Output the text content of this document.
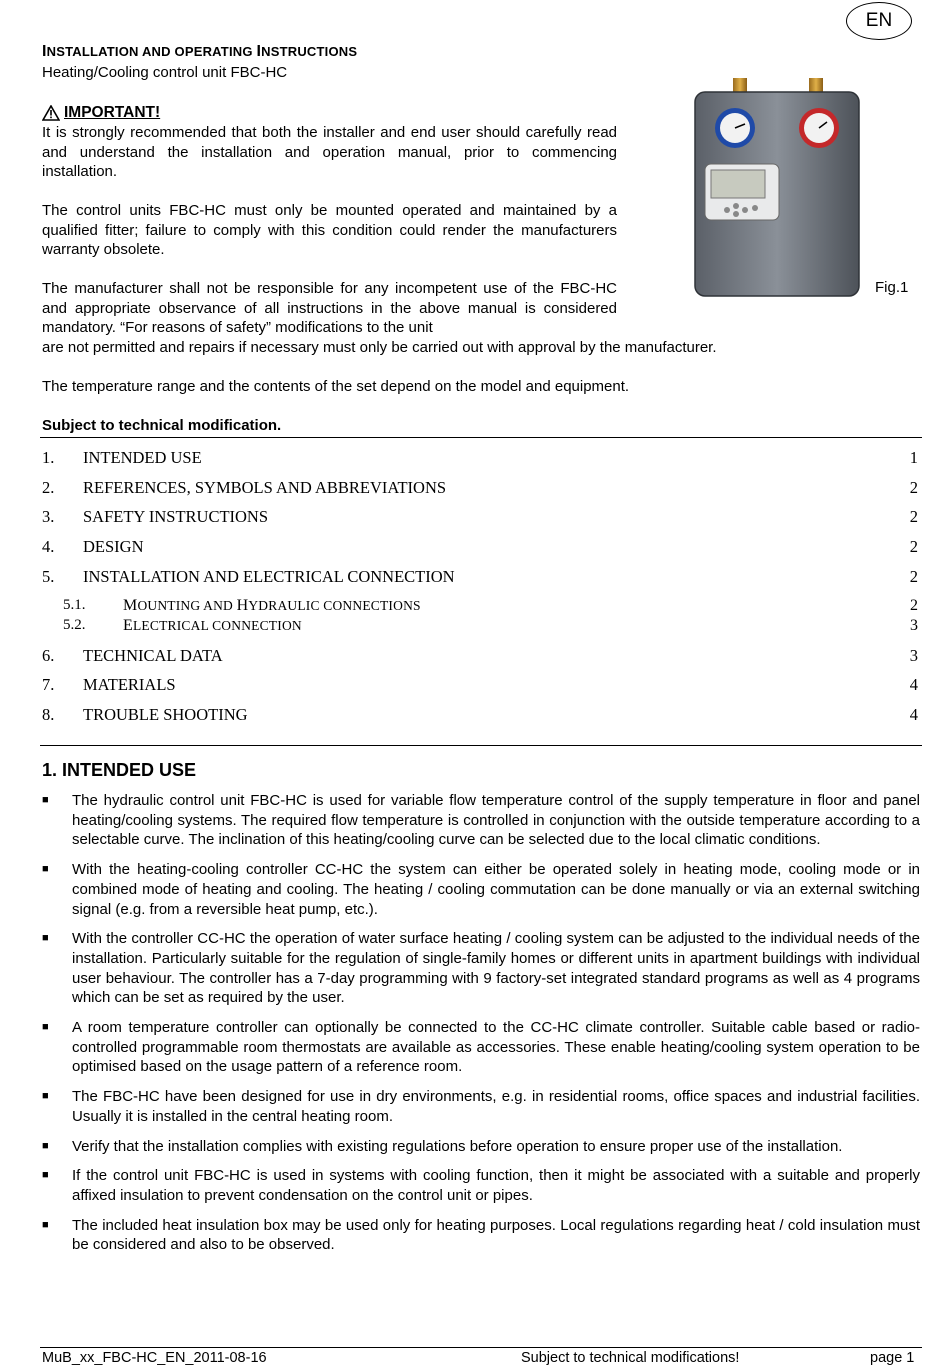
EN
INSTALLATION AND OPERATING INSTRUCTIONS
Heating/Cooling control unit FBC-HC
IMPORTANT!
It is strongly recommended that both the installer and end user should carefully read and understand the installation and operation manual, prior to commencing installation.
The control units FBC-HC must only be mounted operated and maintained by a qualified fitter; failure to comply with this condition could render the manufacturers warranty obsolete.
The manufacturer shall not be responsible for any incompetent use of the FBC-HC and appropriate observance of all instructions in the above manual is considered mandatory. “For reasons of safety” modifications to the unit
are not permitted and repairs if necessary must only be carried out with approval by the manufacturer.
The temperature range and the contents of the set depend on the model and equipment.
Subject to technical modification.
Fig.1
1.	INTENDED USE	1
2.	REFERENCES, SYMBOLS AND ABBREVIATIONS	2
3.	SAFETY INSTRUCTIONS	2
4.	DESIGN	2
5.	INSTALLATION AND ELECTRICAL CONNECTION	2
5.1.	MOUNTING AND HYDRAULIC CONNECTIONS	2
5.2.	ELECTRICAL CONNECTION	3
6.	TECHNICAL DATA	3
7.	MATERIALS	4
8.	TROUBLE SHOOTING	4
1. INTENDED USE
■	The hydraulic control unit FBC-HC is used for variable flow temperature control of the supply temperature in floor and panel heating/cooling systems. The required flow temperature is controlled in conjunction with the outside temperature according to a selectable curve. The inclination of this heating/cooling curve can be selected due to the local climatic conditions.
■	With the heating-cooling controller CC-HC the system can either be operated solely in heating mode, cooling mode or in combined mode of heating and cooling. The heating / cooling commutation can be done manually or via an external switching signal (e.g. from a reversible heat pump, etc.).
■	With the controller CC-HC the operation of water surface heating / cooling system can be adjusted to the individual needs of the installation. Particularly suitable for the regulation of single-family homes or different units in apartment buildings with individual user behaviour. The controller has a 7-day programming with 9 factory-set integrated standard programs as well as 4 programs which can be set as required by the user.
■	A room temperature controller can optionally be connected to the CC-HC climate controller. Suitable cable based or radio-controlled programmable room thermostats are available as accessories. These enable heating/cooling system operation to be optimised based on the usage pattern of a reference room.
■	The FBC-HC have been designed for use in dry environments, e.g. in residential rooms, office spaces and industrial facilities. Usually it is installed in the central heating room.
■	Verify that the installation complies with existing regulations before operation to ensure proper use of the installation.
■	If the control unit FBC-HC is used in systems with cooling function, then it might be associated with a suitable and properly affixed insulation to prevent condensation on the control unit or pipes.
■	The included heat insulation box may be used only for heating purposes. Local regulations regarding heat / cold insulation must be considered and also to be observed.
MuB_xx_FBC-HC_EN_2011-08-16	Subject to technical modifications!	page 1
